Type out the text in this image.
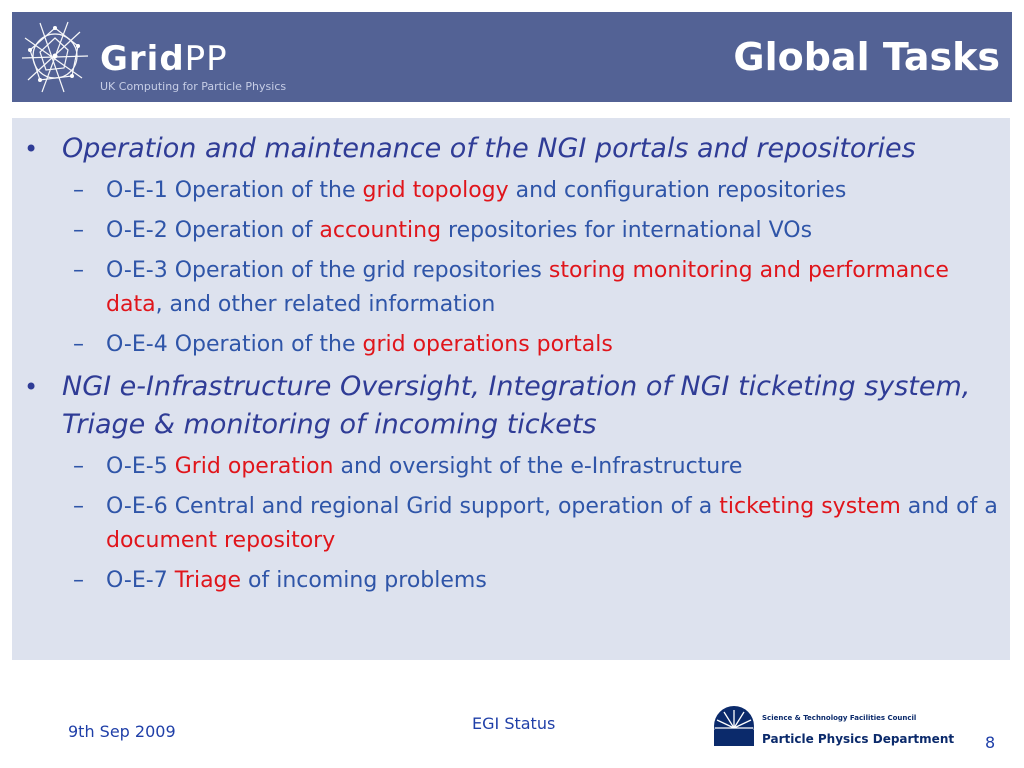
GridPP
UK Computing for Particle Physics
Global Tasks
• Operation and maintenance of the NGI portals and repositories
– O-E-1 Operation of the grid topology and configuration repositories
– O-E-2 Operation of accounting repositories for international VOs
– O-E-3 Operation of the grid repositories storing monitoring and performance data, and other related information
– O-E-4 Operation of the grid operations portals
• NGI e-Infrastructure Oversight, Integration of NGI ticketing system, Triage & monitoring of incoming tickets
– O-E-5 Grid operation and oversight of the e-Infrastructure
– O-E-6 Central and regional Grid support, operation of a ticketing system and of a document repository
– O-E-7 Triage of incoming problems
9th Sep 2009	EGI Status	Science & Technology Facilities Council
Particle Physics Department 8
